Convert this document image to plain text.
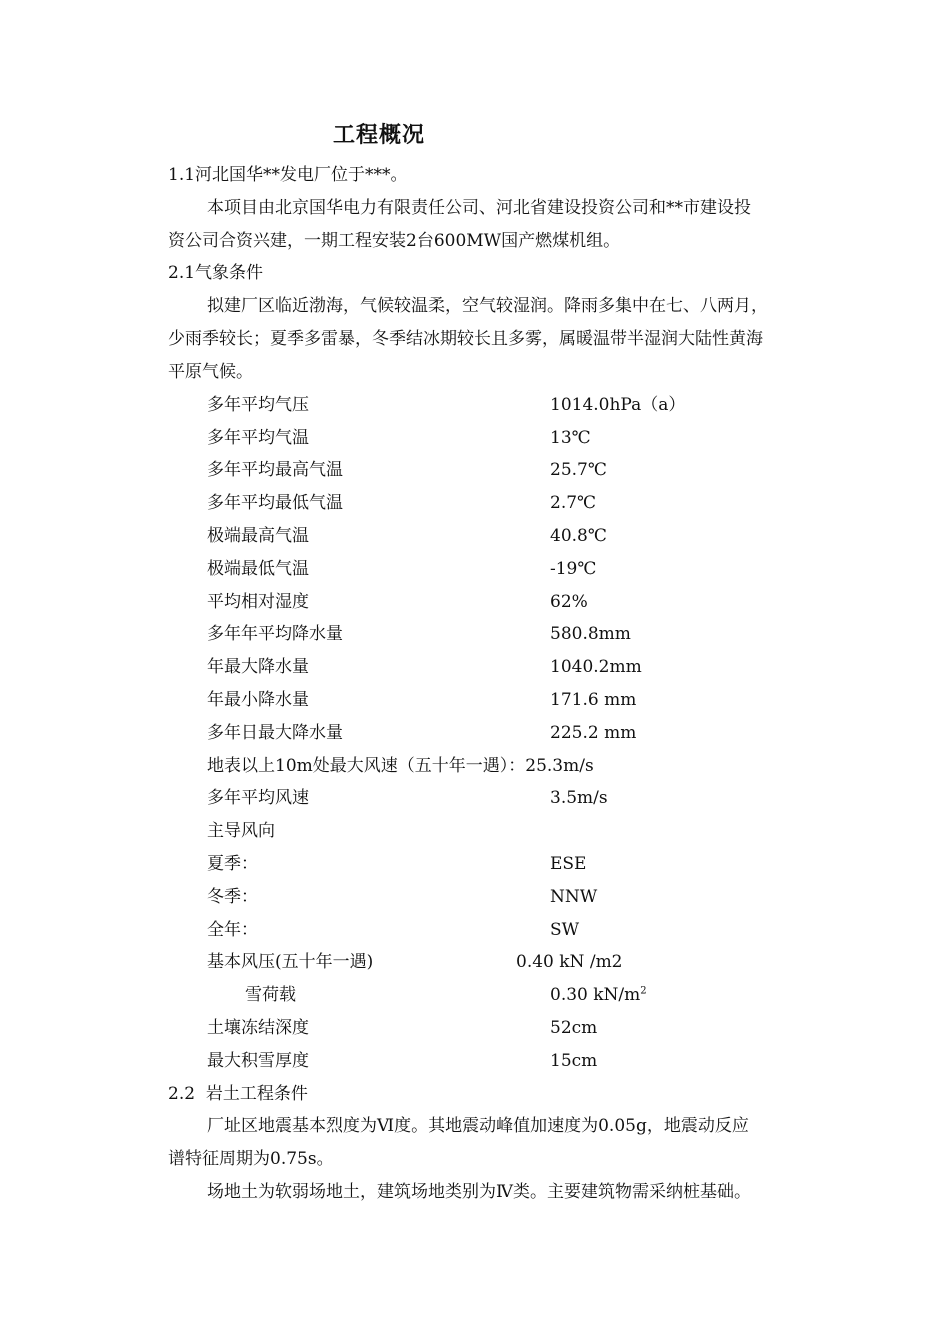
工程概况
1.1河北国华**发电厂位于***。
本项目由北京国华电力有限责任公司、河北省建设投资公司和**市建设投
资公司合资兴建，一期工程安装2台600MW国产燃煤机组。
2.1气象条件
拟建厂区临近渤海，气候较温柔，空气较湿润。降雨多集中在七、八两月，
少雨季较长；夏季多雷暴，冬季结冰期较长且多雾，属暖温带半湿润大陆性黄海
平原气候。
多年平均气压	1014.0hPa（a）
多年平均气温	13℃
多年平均最高气温	25.7℃
多年平均最低气温	2.7℃
极端最高气温	40.8℃
极端最低气温	-19℃
平均相对湿度	62%
多年年平均降水量	580.8mm
年最大降水量	1040.2mm
年最小降水量	171.6 mm
多年日最大降水量	225.2 mm
地表以上10m处最大风速（五十年一遇）：25.3m/s
多年平均风速	3.5m/s
主导风向
夏季：	ESE
冬季：	NNW
全年：	SW
基本风压(五十年一遇)	0.40 kN /m2
雪荷载	0.30 $kN/m^2$
土壤冻结深度	52cm
最大积雪厚度	15cm
2.2  岩土工程条件
厂址区地震基本烈度为Ⅵ度。其地震动峰值加速度为0.05g，地震动反应
谱特征周期为0.75s。
场地土为软弱场地土，建筑场地类别为Ⅳ类。主要建筑物需采纳桩基础。
